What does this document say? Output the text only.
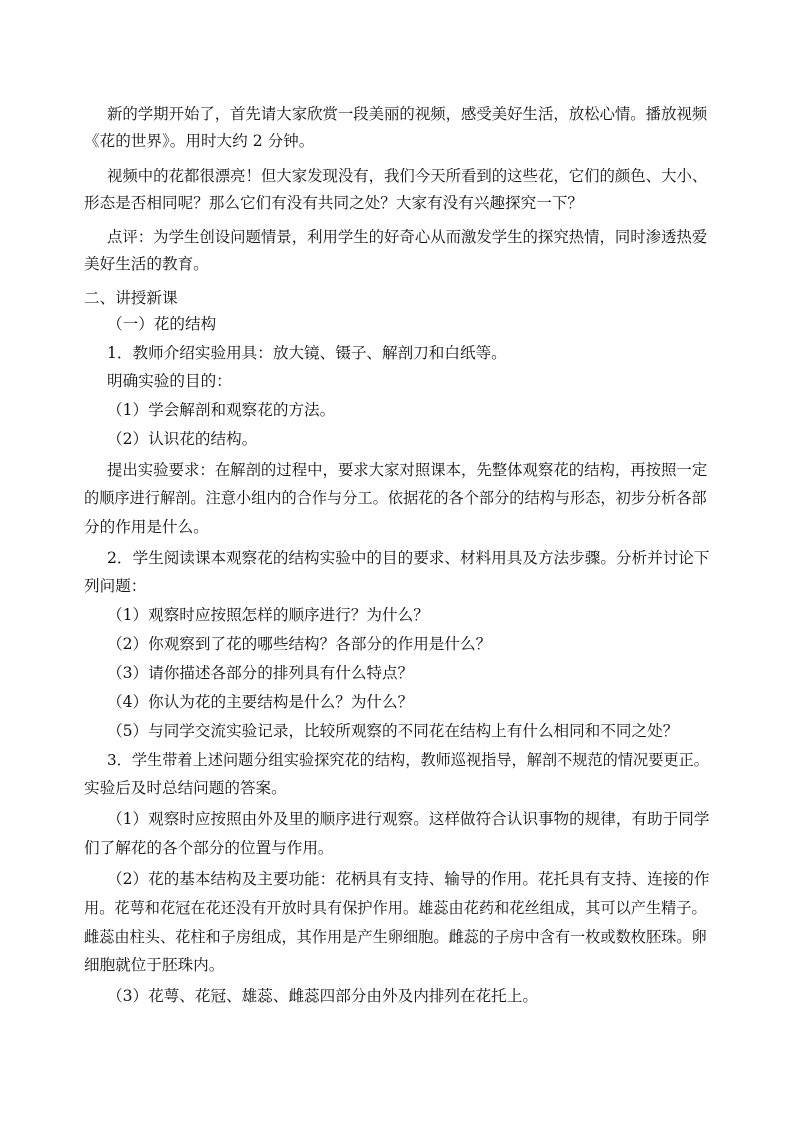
新的学期开始了，首先请大家欣赏一段美丽的视频，感受美好生活，放松心情。播放视频

《花的世界》。用时大约 2 分钟。

视频中的花都很漂亮！但大家发现没有，我们今天所看到的这些花，它们的颜色、大小、

形态是否相同呢？那么它们有没有共同之处？大家有没有兴趣探究一下？

点评：为学生创设问题情景，利用学生的好奇心从而激发学生的探究热情，同时渗透热爱

美好生活的教育。

二、讲授新课

（一）花的结构

1．教师介绍实验用具：放大镜、镊子、解剖刀和白纸等。

明确实验的目的：

（1）学会解剖和观察花的方法。

（2）认识花的结构。

提出实验要求：在解剖的过程中，要求大家对照课本，先整体观察花的结构，再按照一定

的顺序进行解剖。注意小组内的合作与分工。依据花的各个部分的结构与形态，初步分析各部

分的作用是什么。

2．学生阅读课本观察花的结构实验中的目的要求、材料用具及方法步骤。分析并讨论下

列问题：

（1）观察时应按照怎样的顺序进行？为什么？

（2）你观察到了花的哪些结构？各部分的作用是什么？

（3）请你描述各部分的排列具有什么特点？

（4）你认为花的主要结构是什么？为什么？

（5）与同学交流实验记录，比较所观察的不同花在结构上有什么相同和不同之处？

3．学生带着上述问题分组实验探究花的结构，教师巡视指导，解剖不规范的情况要更正。

实验后及时总结问题的答案。

（1）观察时应按照由外及里的顺序进行观察。这样做符合认识事物的规律，有助于同学

们了解花的各个部分的位置与作用。

（2）花的基本结构及主要功能：花柄具有支持、输导的作用。花托具有支持、连接的作

用。花萼和花冠在花还没有开放时具有保护作用。雄蕊由花药和花丝组成，其可以产生精子。

雌蕊由柱头、花柱和子房组成，其作用是产生卵细胞。雌蕊的子房中含有一枚或数枚胚珠。卵

细胞就位于胚珠内。

（3）花萼、花冠、雄蕊、雌蕊四部分由外及内排列在花托上。
